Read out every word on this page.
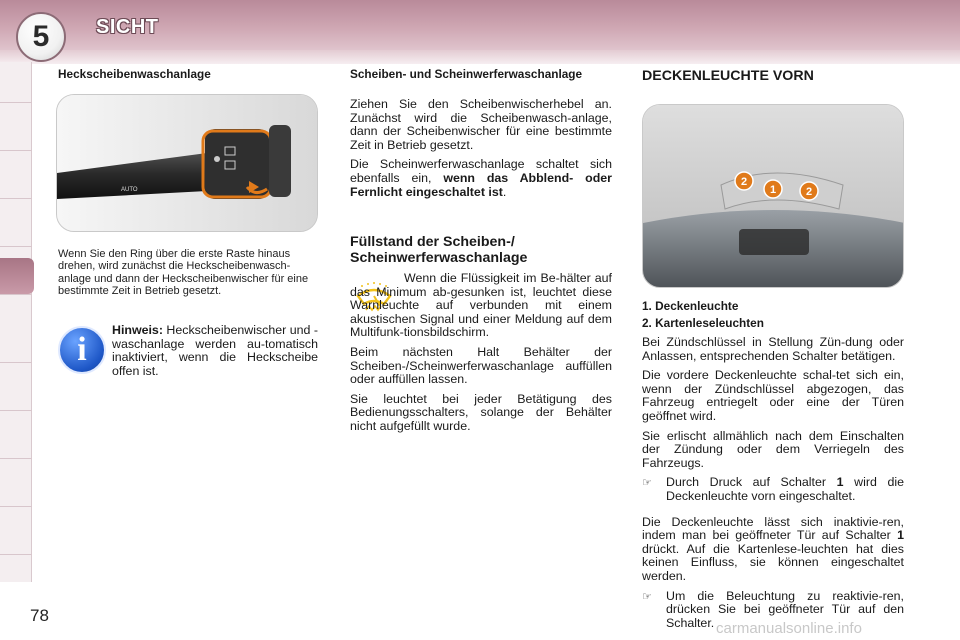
5	SICHT
Heckscheibenwaschanlage
AUTO
Wenn Sie den Ring über die erste Raste hinaus drehen, wird zunächst die Heckscheibenwasch-anlage und dann der Heckscheibenwischer für eine bestimmte Zeit in Betrieb gesetzt.
i

Hinweis: Heckscheibenwischer und -waschanlage werden au-tomatisch inaktiviert, wenn die Heckscheibe offen ist.

Scheiben- und Scheinwerferwaschanlage

Ziehen Sie den Scheibenwischerhebel an. Zunächst wird die Scheibenwasch-anlage, dann der Scheibenwischer für eine bestimmte Zeit in Betrieb gesetzt.

Die Scheinwerferwaschanlage schaltet sich ebenfalls ein, wenn das Abblend- oder Fernlicht eingeschaltet ist.

Füllstand der Scheiben-/ Scheinwerferwaschanlage

Wenn die Flüssigkeit im Be-hälter auf das Minimum ab-gesunken ist, leuchtet diese Warnleuchte auf verbunden mit einem akustischen Signal und einer Meldung auf dem Multifunk-tionsbildschirm.

Beim nächsten Halt Behälter der Scheiben-/Scheinwerferwaschanlage auffüllen oder auffüllen lassen.

Sie leuchtet bei jeder Betätigung des Bedienungsschalters, solange der Behälter nicht aufgefüllt wurde.

DECKENLEUCHTE VORN
2
1	2

1. Deckenleuchte

2. Kartenleseleuchten

Bei Zündschlüssel in Stellung Zün-dung oder Anlassen, entsprechenden Schalter betätigen.

Die vordere Deckenleuchte schal-tet sich ein, wenn der Zündschlüssel abgezogen, das Fahrzeug entriegelt oder eine der Türen geöffnet wird.

Sie erlischt allmählich nach dem Einschalten der Zündung oder dem Verriegeln des Fahrzeugs.

☞	Durch Druck auf Schalter 1 wird die Deckenleuchte vorn eingeschaltet.

Die Deckenleuchte lässt sich inaktivie-ren, indem man bei geöffneter Tür auf Schalter 1 drückt. Auf die Kartenlese-leuchten hat dies keinen Einfluss, sie können eingeschaltet werden.

☞	Um die Beleuchtung zu reaktivie-ren, drücken Sie bei geöffneter Tür auf den Schalter.
78
carmanualsonline.info
